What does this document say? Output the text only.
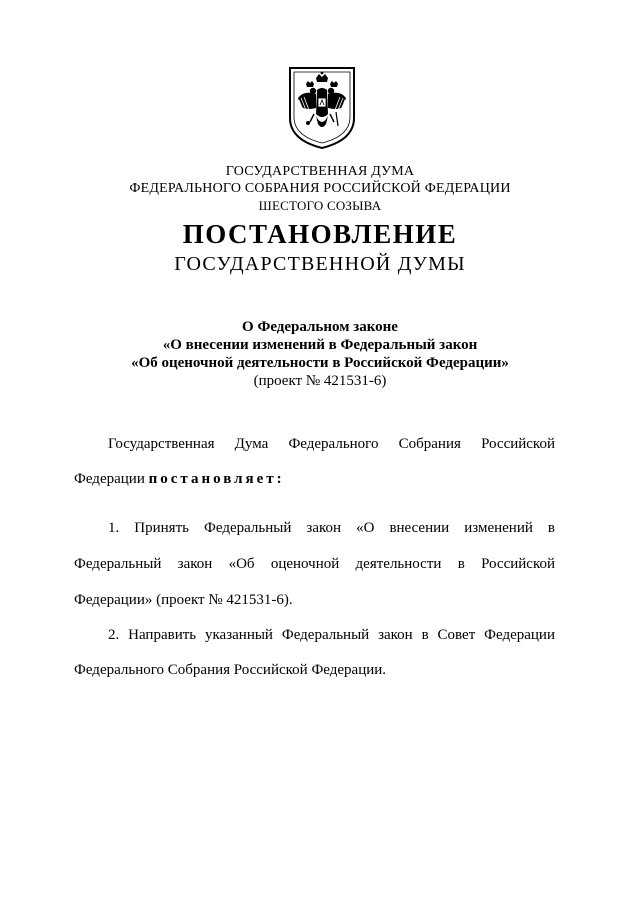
ГОСУДАРСТВЕННАЯ ДУМА
ФЕДЕРАЛЬНОГО СОБРАНИЯ РОССИЙСКОЙ ФЕДЕРАЦИИ
ШЕСТОГО СОЗЫВА
ПОСТАНОВЛЕНИЕ
ГОСУДАРСТВЕННОЙ ДУМЫ
О Федеральном законе
«О внесении изменений в Федеральный закон
«Об оценочной деятельности в Российской Федерации»
(проект № 421531-6)
Государственная Дума Федерального Собрания Российской
Федерации постановляет:
1. Принять Федеральный закон «О внесении изменений в
Федеральный закон «Об оценочной деятельности в Российской
Федерации» (проект № 421531-6).
2. Направить указанный Федеральный закон в Совет Федерации
Федерального Собрания Российской Федерации.
